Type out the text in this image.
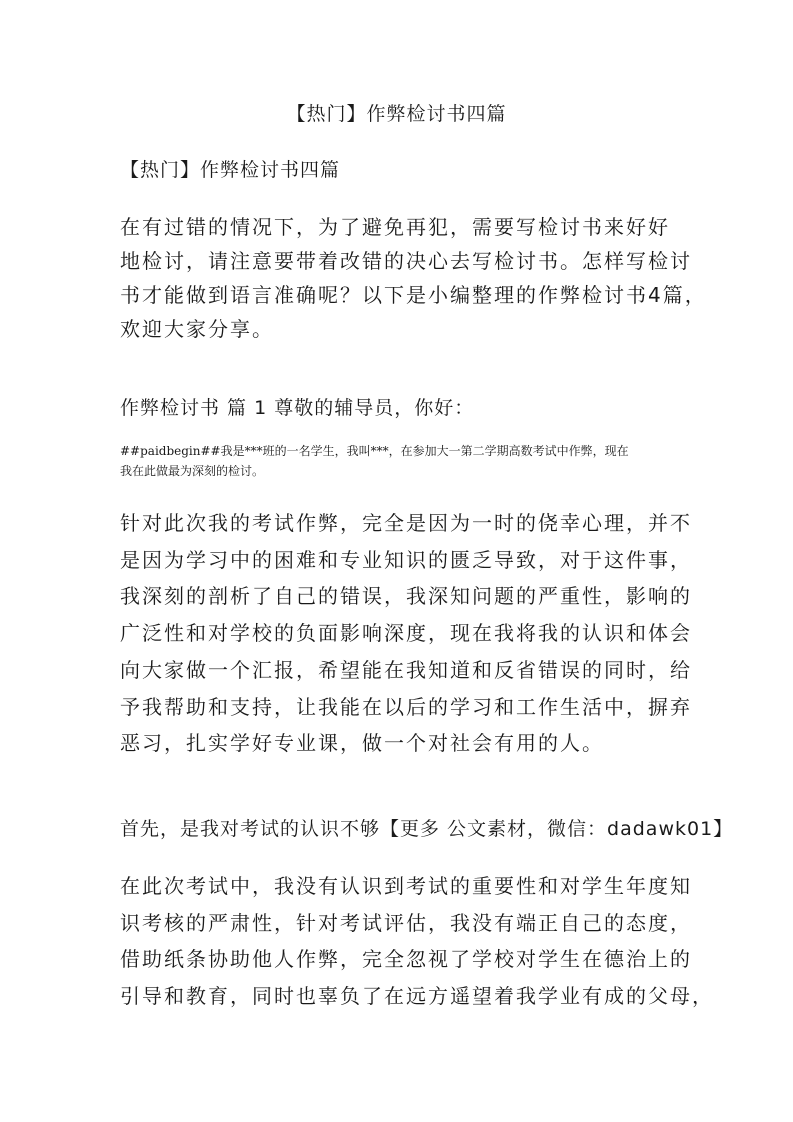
【热门】作弊检讨书四篇
【热门】作弊检讨书四篇
在有过错的情况下，为了避免再犯，需要写检讨书来好好
地检讨，请注意要带着改错的决心去写检讨书。怎样写检讨
书才能做到语言准确呢？以下是小编整理的作弊检讨书4篇，
欢迎大家分享。
作弊检讨书 篇 1 尊敬的辅导员，你好：
##paidbegin##我是***班的一名学生，我叫***，在参加大一第二学期高数考试中作弊，现在
我在此做最为深刻的检讨。
针对此次我的考试作弊，完全是因为一时的侥幸心理，并不
是因为学习中的困难和专业知识的匮乏导致，对于这件事，
我深刻的剖析了自己的错误，我深知问题的严重性，影响的
广泛性和对学校的负面影响深度，现在我将我的认识和体会
向大家做一个汇报，希望能在我知道和反省错误的同时，给
予我帮助和支持，让我能在以后的学习和工作生活中，摒弃
恶习，扎实学好专业课，做一个对社会有用的人。
首先，是我对考试的认识不够【更多 公文素材，微信：dadawk01】
在此次考试中，我没有认识到考试的重要性和对学生年度知
识考核的严肃性，针对考试评估，我没有端正自己的态度，
借助纸条协助他人作弊，完全忽视了学校对学生在德治上的
引导和教育，同时也辜负了在远方遥望着我学业有成的父母，
